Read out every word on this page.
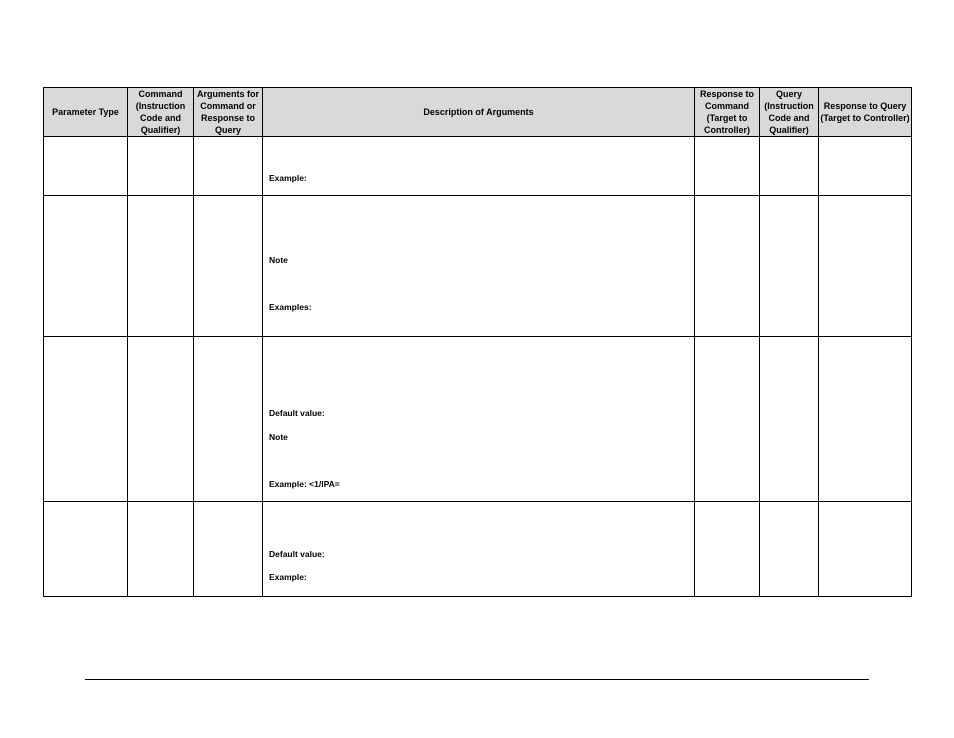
Parameter Type	Command (Instruction Code and Qualifier)	Arguments for Command or Response to Query	Description of Arguments	Response to Command (Target to Controller)	Query (Instruction Code and Qualifier)	Response to Query (Target to Controller)

			Example:			

			Note
Examples:			

			Default value:
Note
Example: <1/IPA=			

			Default value:
Example:			
